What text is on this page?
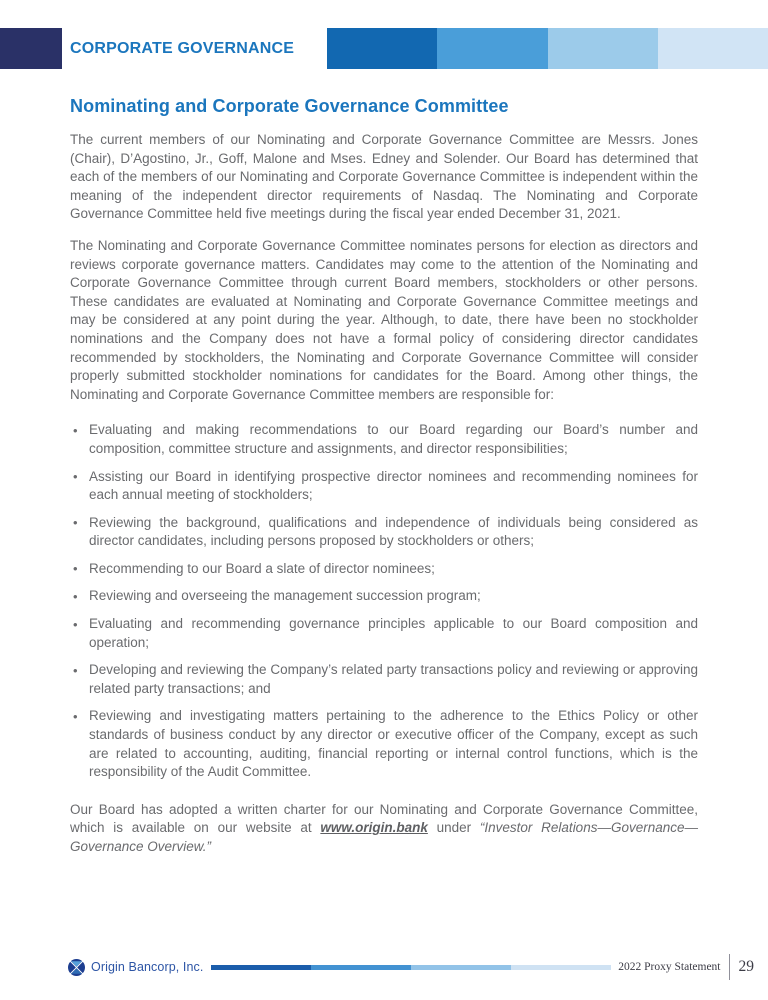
CORPORATE GOVERNANCE
Nominating and Corporate Governance Committee

The current members of our Nominating and Corporate Governance Committee are Messrs. Jones (Chair), D’Agostino, Jr., Goff, Malone and Mses. Edney and Solender. Our Board has determined that each of the members of our Nominating and Corporate Governance Committee is independent within the meaning of the independent director requirements of Nasdaq. The Nominating and Corporate Governance Committee held five meetings during the fiscal year ended December 31, 2021.

The Nominating and Corporate Governance Committee nominates persons for election as directors and reviews corporate governance matters. Candidates may come to the attention of the Nominating and Corporate Governance Committee through current Board members, stockholders or other persons. These candidates are evaluated at Nominating and Corporate Governance Committee meetings and may be considered at any point during the year. Although, to date, there have been no stockholder nominations and the Company does not have a formal policy of considering director candidates recommended by stockholders, the Nominating and Corporate Governance Committee will consider properly submitted stockholder nominations for candidates for the Board. Among other things, the Nominating and Corporate Governance Committee members are responsible for:

• Evaluating and making recommendations to our Board regarding our Board’s number and composition, committee structure and assignments, and director responsibilities;
• Assisting our Board in identifying prospective director nominees and recommending nominees for each annual meeting of stockholders;
• Reviewing the background, qualifications and independence of individuals being considered as director candidates, including persons proposed by stockholders or others;
• Recommending to our Board a slate of director nominees;
• Reviewing and overseeing the management succession program;
• Evaluating and recommending governance principles applicable to our Board composition and operation;
• Developing and reviewing the Company’s related party transactions policy and reviewing or approving related party transactions; and
• Reviewing and investigating matters pertaining to the adherence to the Ethics Policy or other standards of business conduct by any director or executive officer of the Company, except as such are related to accounting, auditing, financial reporting or internal control functions, which is the responsibility of the Audit Committee.

Our Board has adopted a written charter for our Nominating and Corporate Governance Committee, which is available on our website at www.origin.bank under “Investor Relations—Governance—Governance Overview.”

Origin Bancorp, Inc.	2022 Proxy Statement 29
